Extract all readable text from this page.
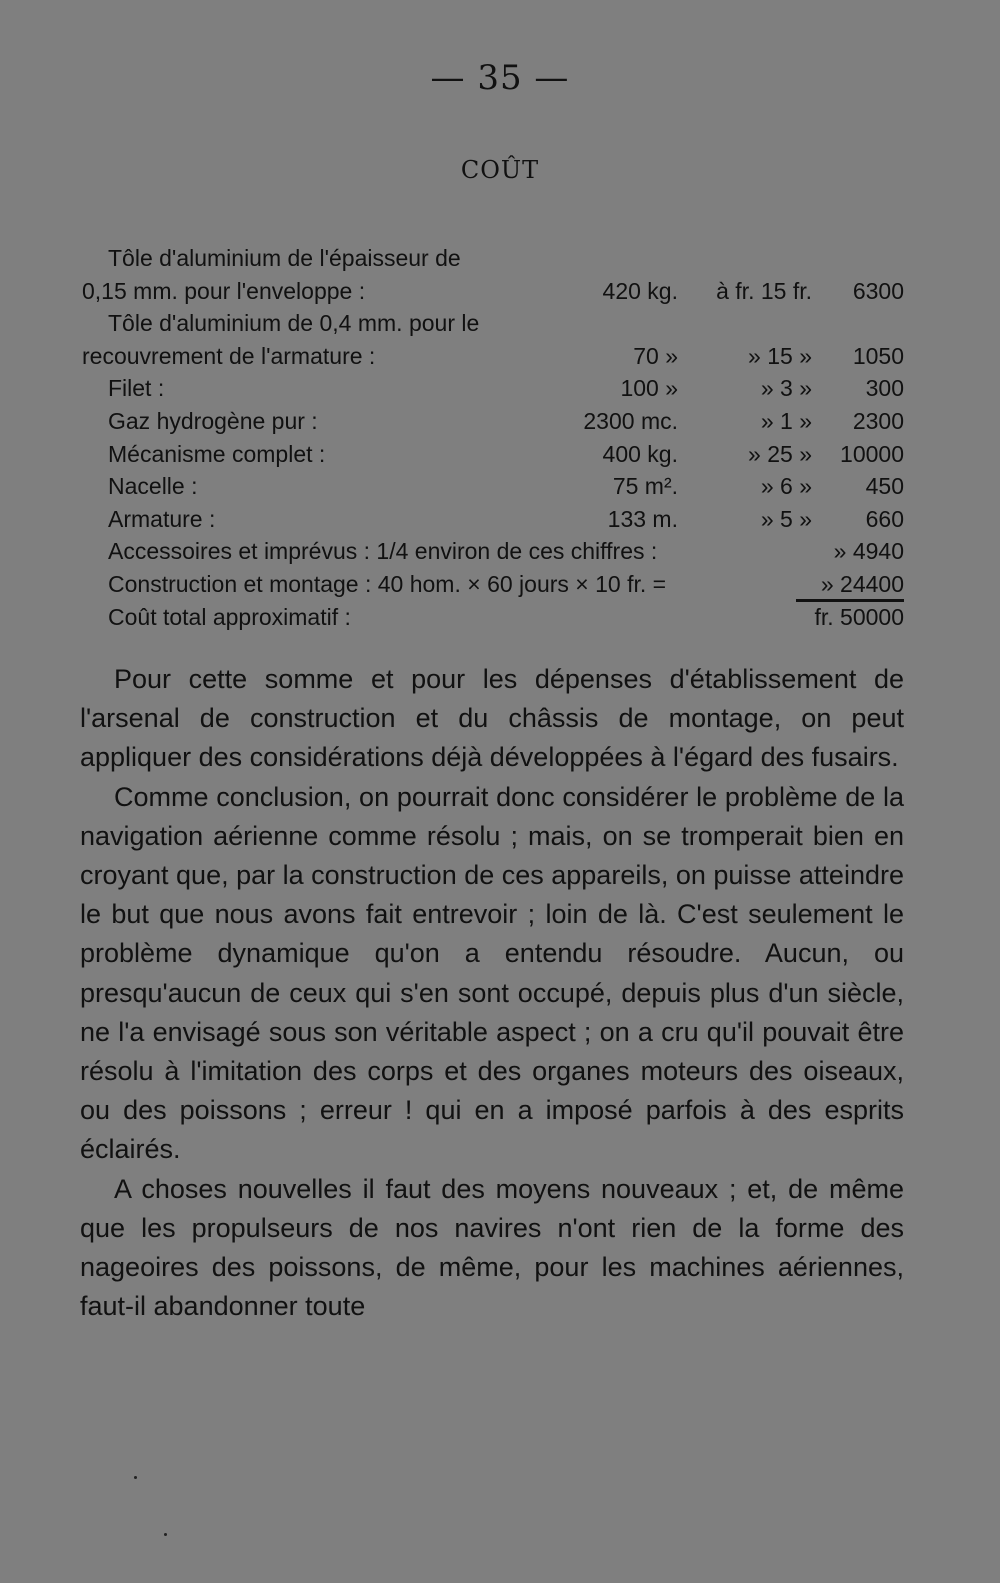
— 35 —
COÛT
Tôle d'aluminium de l'épaisseur de
0,15 mm. pour l'enveloppe :	420 kg. à fr. 15 fr. 6300
Tôle d'aluminium de 0,4 mm. pour le
recouvrement de l'armature :	70 »	» 15 » 1050
Filet :	100 »	» 3 » 300
Gaz hydrogène pur :	2300 mc.	» 1 » 2300
Mécanisme complet :	400 kg.	» 25 » 10000
Nacelle :	75 m².	» 6 » 450
Armature :	133 m.	» 5 » 660
Accessoires et imprévus : 1/4 environ de ces chiffres :	» 4940
Construction et montage : 40 hom. × 60 jours × 10 fr. =	» 24400
Coût total approximatif :	fr. 50000

Pour cette somme et pour les dépenses d'établissement de l'arsenal de construction et du châssis de montage, on peut appliquer des considérations déjà développées à l'égard des fusairs.

Comme conclusion, on pourrait donc considérer le problème de la navigation aérienne comme résolu ; mais, on se tromperait bien en croyant que, par la construction de ces appareils, on puisse atteindre le but que nous avons fait entrevoir ; loin de là. C'est seulement le problème dynamique qu'on a entendu résoudre. Aucun, ou presqu'aucun de ceux qui s'en sont occupé, depuis plus d'un siècle, ne l'a envisagé sous son véritable aspect ; on a cru qu'il pouvait être résolu à l'imitation des corps et des organes moteurs des oiseaux, ou des poissons ; erreur ! qui en a imposé parfois à des esprits éclairés.

A choses nouvelles il faut des moyens nouveaux ; et, de même que les propulseurs de nos navires n'ont rien de la forme des nageoires des poissons, de même, pour les machines aériennes, faut-il abandonner toute
